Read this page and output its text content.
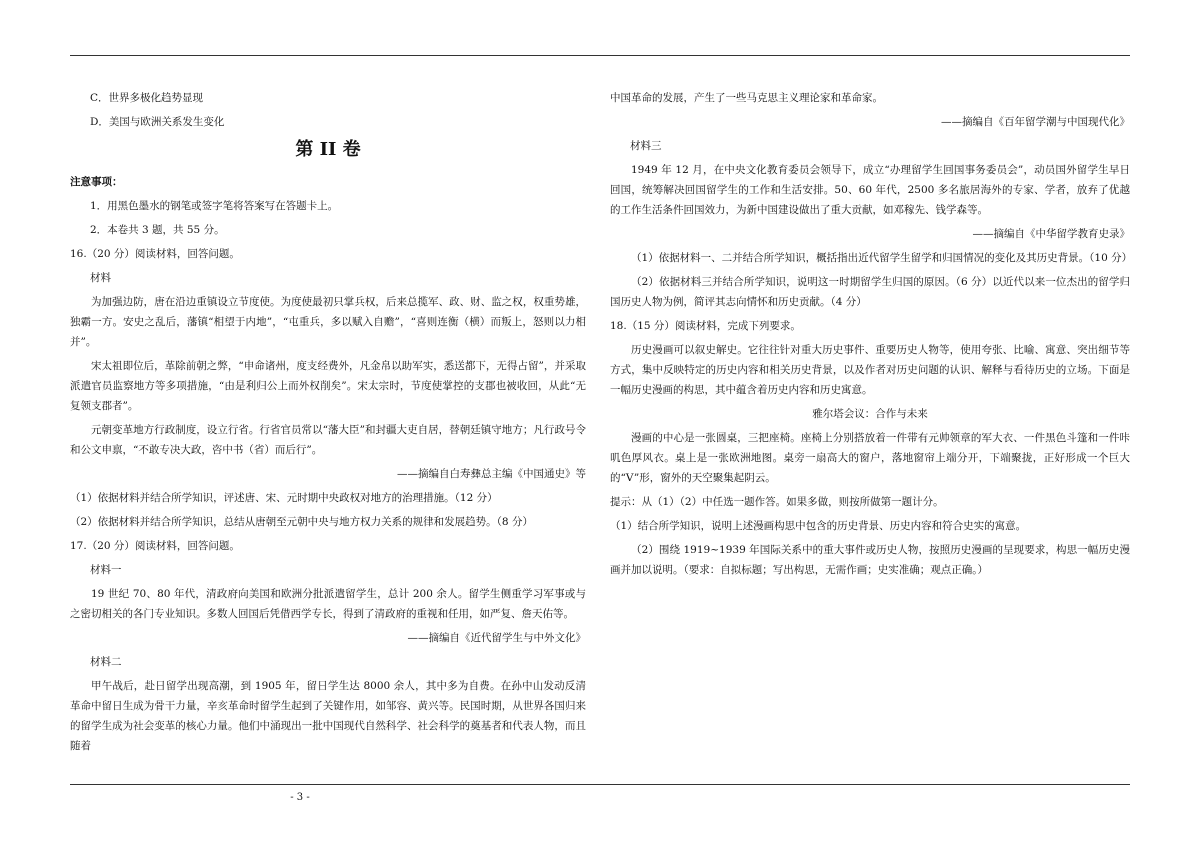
C．世界多极化趋势显现

D．美国与欧洲关系发生变化

第 II 卷

注意事项：

1．用黑色墨水的钢笔或签字笔将答案写在答题卡上。

2．本卷共 3 题，共 55 分。

16.（20 分）阅读材料，回答问题。

材料

为加强边防，唐在沿边重镇设立节度使。为度使最初只掌兵权，后来总揽军、政、财、监之权，权重势雄，独霸一方。安史之乱后，藩镇“相望于内地”，“屯重兵，多以赋入自赡”，“喜则连衡（横）而叛上，怒则以力相并”。

宋太祖即位后，革除前朝之弊，“申命诸州，度支经费外，凡金帛以助军实，悉送都下，无得占留”，并采取派遣官员监察地方等多项措施，“由是利归公上而外权削矣”。宋太宗时，节度使掌控的支郡也被收回，从此“无复领支郡者”。

元朝变革地方行政制度，设立行省。行省官员常以“藩大臣”和封疆大吏自居，替朝廷镇守地方；凡行政号令和公文申禀，“不敢专决大政，咨中书（省）而后行”。

——摘编自白寿彝总主编《中国通史》等

（1）依据材料并结合所学知识，评述唐、宋、元时期中央政权对地方的治理措施。（12 分）

（2）依据材料并结合所学知识，总结从唐朝至元朝中央与地方权力关系的规律和发展趋势。（8 分）

17.（20 分）阅读材料，回答问题。

材料一

19 世纪 70、80 年代，清政府向美国和欧洲分批派遣留学生，总计 200 余人。留学生侧重学习军事或与之密切相关的各门专业知识。多数人回国后凭借西学专长，得到了清政府的重视和任用，如严复、詹天佑等。

——摘编自《近代留学生与中外文化》

材料二

甲午战后，赴日留学出现高潮，到 1905 年，留日学生达 8000 余人，其中多为自费。在孙中山发动反清革命中留日生成为骨干力量，辛亥革命时留学生起到了关键作用，如邹容、黄兴等。民国时期，从世界各国归来的留学生成为社会变革的核心力量。他们中涌现出一批中国现代自然科学、社会科学的奠基者和代表人物，而且随着

中国革命的发展，产生了一些马克思主义理论家和革命家。

——摘编自《百年留学潮与中国现代化》

材料三

1949 年 12 月，在中央文化教育委员会领导下，成立“办理留学生回国事务委员会”，动员国外留学生早日回国，统筹解决回国留学生的工作和生活安排。50、60 年代，2500 多名旅居海外的专家、学者，放弃了优越的工作生活条件回国效力，为新中国建设做出了重大贡献，如邓稼先、钱学森等。

——摘编自《中华留学教育史录》

（1）依据材料一、二并结合所学知识，概括指出近代留学生留学和归国情况的变化及其历史背景。（10 分）

（2）依据材料三并结合所学知识，说明这一时期留学生归国的原因。（6 分）以近代以来一位杰出的留学归国历史人物为例，简评其志向情怀和历史贡献。（4 分）

18.（15 分）阅读材料，完成下列要求。

历史漫画可以叙史解史。它往往针对重大历史事件、重要历史人物等，使用夸张、比喻、寓意、突出细节等方式，集中反映特定的历史内容和相关历史背景，以及作者对历史问题的认识、解释与看待历史的立场。下面是一幅历史漫画的构思，其中蕴含着历史内容和历史寓意。

雅尔塔会议：合作与未来

漫画的中心是一张圆桌，三把座椅。座椅上分别搭放着一件带有元帅领章的军大衣、一件黑色斗篷和一件咔叽色厚风衣。桌上是一张欧洲地图。桌旁一扇高大的窗户，落地窗帘上端分开，下端聚拢，正好形成一个巨大的“V”形，窗外的天空聚集起阴云。

提示：从（1）（2）中任选一题作答。如果多做，则按所做第一题计分。

（1）结合所学知识，说明上述漫画构思中包含的历史背景、历史内容和符合史实的寓意。

（2）围绕 1919~1939 年国际关系中的重大事件或历史人物，按照历史漫画的呈现要求，构思一幅历史漫画并加以说明。（要求：自拟标题；写出构思，无需作画；史实准确；观点正确。）

- 3 -
